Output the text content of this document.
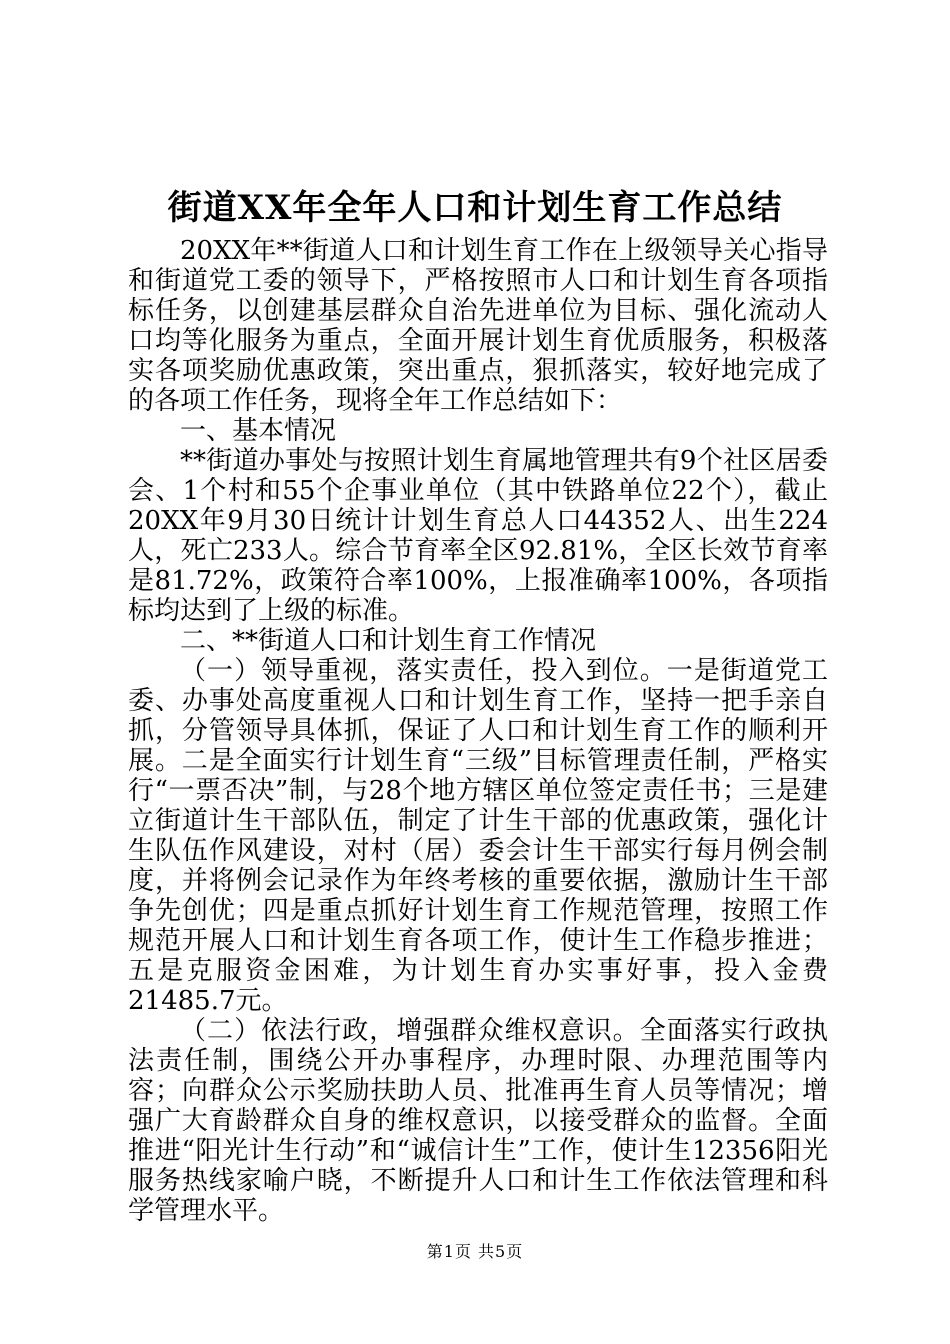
街道XX年全年人口和计划生育工作总结

20XX年**街道人口和计划生育工作在上级领导关心指导和街道党工委的领导下，严格按照市人口和计划生育各项指标任务，以创建基层群众自治先进单位为目标、强化流动人口均等化服务为重点，全面开展计划生育优质服务，积极落实各项奖励优惠政策，突出重点，狠抓落实，较好地完成了的各项工作任务，现将全年工作总结如下：

一、基本情况

**街道办事处与按照计划生育属地管理共有9个社区居委会、1个村和55个企事业单位（其中铁路单位22个），截止20XX年9月30日统计计划生育总人口44352人、出生224人，死亡233人。综合节育率全区92.81%，全区长效节育率是81.72%，政策符合率100%，上报准确率100%，各项指标均达到了上级的标准。

二、**街道人口和计划生育工作情况

（一）领导重视，落实责任，投入到位。一是街道党工委、办事处高度重视人口和计划生育工作，坚持一把手亲自抓，分管领导具体抓，保证了人口和计划生育工作的顺利开展。二是全面实行计划生育“三级”目标管理责任制，严格实行“一票否决”制，与28个地方辖区单位签定责任书；三是建立街道计生干部队伍，制定了计生干部的优惠政策，强化计生队伍作风建设，对村（居）委会计生干部实行每月例会制度，并将例会记录作为年终考核的重要依据，激励计生干部争先创优；四是重点抓好计划生育工作规范管理，按照工作规范开展人口和计划生育各项工作，使计生工作稳步推进；五是克服资金困难，为计划生育办实事好事，投入金费21485.7元。

（二）依法行政，增强群众维权意识。全面落实行政执法责任制，围绕公开办事程序，办理时限、办理范围等内容；向群众公示奖励扶助人员、批准再生育人员等情况；增强广大育龄群众自身的维权意识，以接受群众的监督。全面推进“阳光计生行动”和“诚信计生”工作，使计生12356阳光服务热线家喻户晓，不断提升人口和计生工作依法管理和科学管理水平。

第1页 共5页
